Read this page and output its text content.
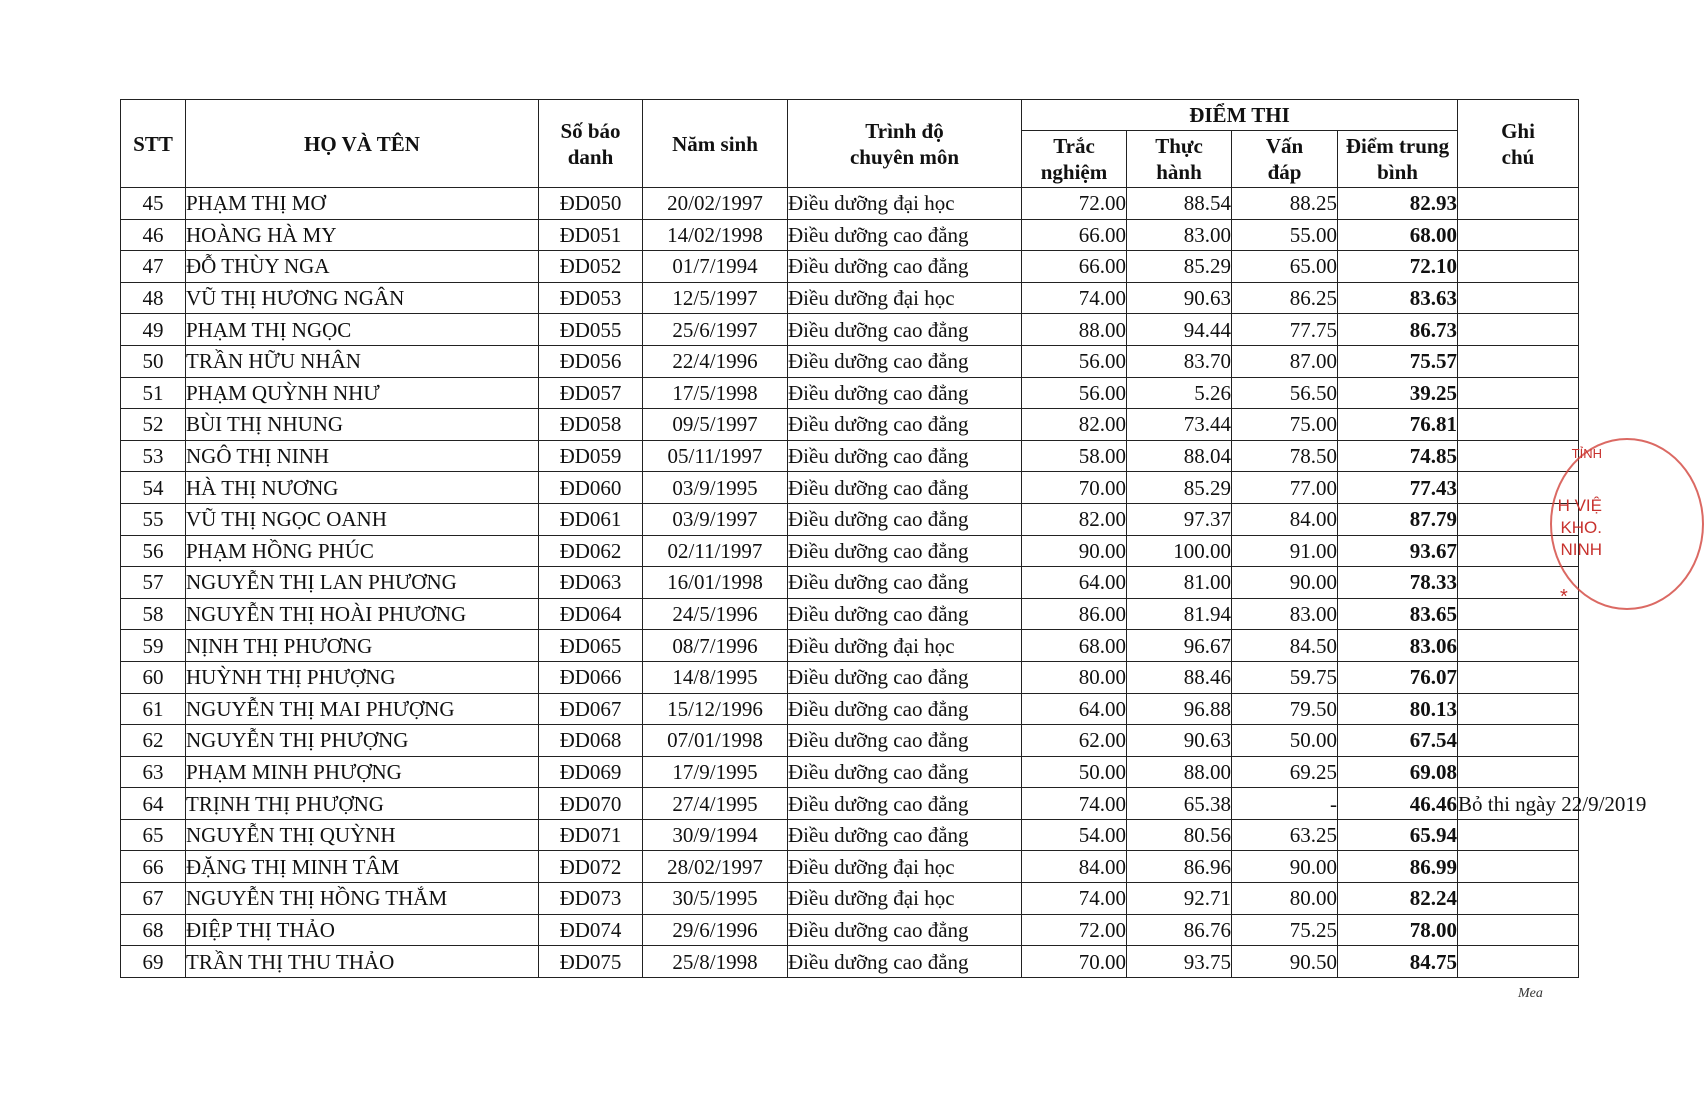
STT	HỌ VÀ TÊN	Số báo danh	Năm sinh	Trình độ chuyên môn	ĐIỂM THI				Ghi chú
					Trắc nghiệm	Thực hành	Vấn đáp	Điểm trung bình	
45	PHẠM THỊ MƠ	ĐD050	20/02/1997	Điều dưỡng đại học	72.00	88.54	88.25	82.93	
46	HOÀNG HÀ MY	ĐD051	14/02/1998	Điều dưỡng cao đẳng	66.00	83.00	55.00	68.00	
47	ĐỖ THÙY NGA	ĐD052	01/7/1994	Điều dưỡng cao đẳng	66.00	85.29	65.00	72.10	
48	VŨ THỊ HƯƠNG NGÂN	ĐD053	12/5/1997	Điều dưỡng đại học	74.00	90.63	86.25	83.63	
49	PHẠM THỊ NGỌC	ĐD055	25/6/1997	Điều dưỡng cao đẳng	88.00	94.44	77.75	86.73	
50	TRẦN HỮU NHÂN	ĐD056	22/4/1996	Điều dưỡng cao đẳng	56.00	83.70	87.00	75.57	
51	PHẠM QUỲNH NHƯ	ĐD057	17/5/1998	Điều dưỡng cao đẳng	56.00	5.26	56.50	39.25	
52	BÙI THỊ NHUNG	ĐD058	09/5/1997	Điều dưỡng cao đẳng	82.00	73.44	75.00	76.81	
53	NGÔ THỊ NINH	ĐD059	05/11/1997	Điều dưỡng cao đẳng	58.00	88.04	78.50	74.85	
54	HÀ THỊ NƯƠNG	ĐD060	03/9/1995	Điều dưỡng cao đẳng	70.00	85.29	77.00	77.43	
55	VŨ THỊ NGỌC OANH	ĐD061	03/9/1997	Điều dưỡng cao đẳng	82.00	97.37	84.00	87.79	
56	PHẠM HỒNG PHÚC	ĐD062	02/11/1997	Điều dưỡng cao đẳng	90.00	100.00	91.00	93.67	
57	NGUYỄN THỊ LAN PHƯƠNG	ĐD063	16/01/1998	Điều dưỡng cao đẳng	64.00	81.00	90.00	78.33	
58	NGUYỄN THỊ HOÀI PHƯƠNG	ĐD064	24/5/1996	Điều dưỡng cao đẳng	86.00	81.94	83.00	83.65	
59	NỊNH THỊ PHƯƠNG	ĐD065	08/7/1996	Điều dưỡng đại học	68.00	96.67	84.50	83.06	
60	HUỲNH THỊ PHƯỢNG	ĐD066	14/8/1995	Điều dưỡng cao đẳng	80.00	88.46	59.75	76.07	
61	NGUYỄN THỊ MAI PHƯỢNG	ĐD067	15/12/1996	Điều dưỡng cao đẳng	64.00	96.88	79.50	80.13	
62	NGUYỄN THỊ PHƯỢNG	ĐD068	07/01/1998	Điều dưỡng cao đẳng	62.00	90.63	50.00	67.54	
63	PHẠM MINH PHƯỢNG	ĐD069	17/9/1995	Điều dưỡng cao đẳng	50.00	88.00	69.25	69.08	
64	TRỊNH THỊ PHƯỢNG	ĐD070	27/4/1995	Điều dưỡng cao đẳng	74.00	65.38	-	46.46	Bỏ thi ngày 22/9/2019
65	NGUYỄN THỊ QUỲNH	ĐD071	30/9/1994	Điều dưỡng cao đẳng	54.00	80.56	63.25	65.94	
66	ĐẶNG THỊ MINH TÂM	ĐD072	28/02/1997	Điều dưỡng đại học	84.00	86.96	90.00	86.99	
67	NGUYỄN THỊ HỒNG THẮM	ĐD073	30/5/1995	Điều dưỡng đại học	74.00	92.71	80.00	82.24	
68	ĐIỆP THỊ THẢO	ĐD074	29/6/1996	Điều dưỡng cao đẳng	72.00	86.76	75.25	78.00	
69	TRẦN THỊ THU THẢO	ĐD075	25/8/1998	Điều dưỡng cao đẳng	70.00	93.75	90.50	84.75	
TỈNH
H VIỆ
KHO.
NINH
*
Mea
